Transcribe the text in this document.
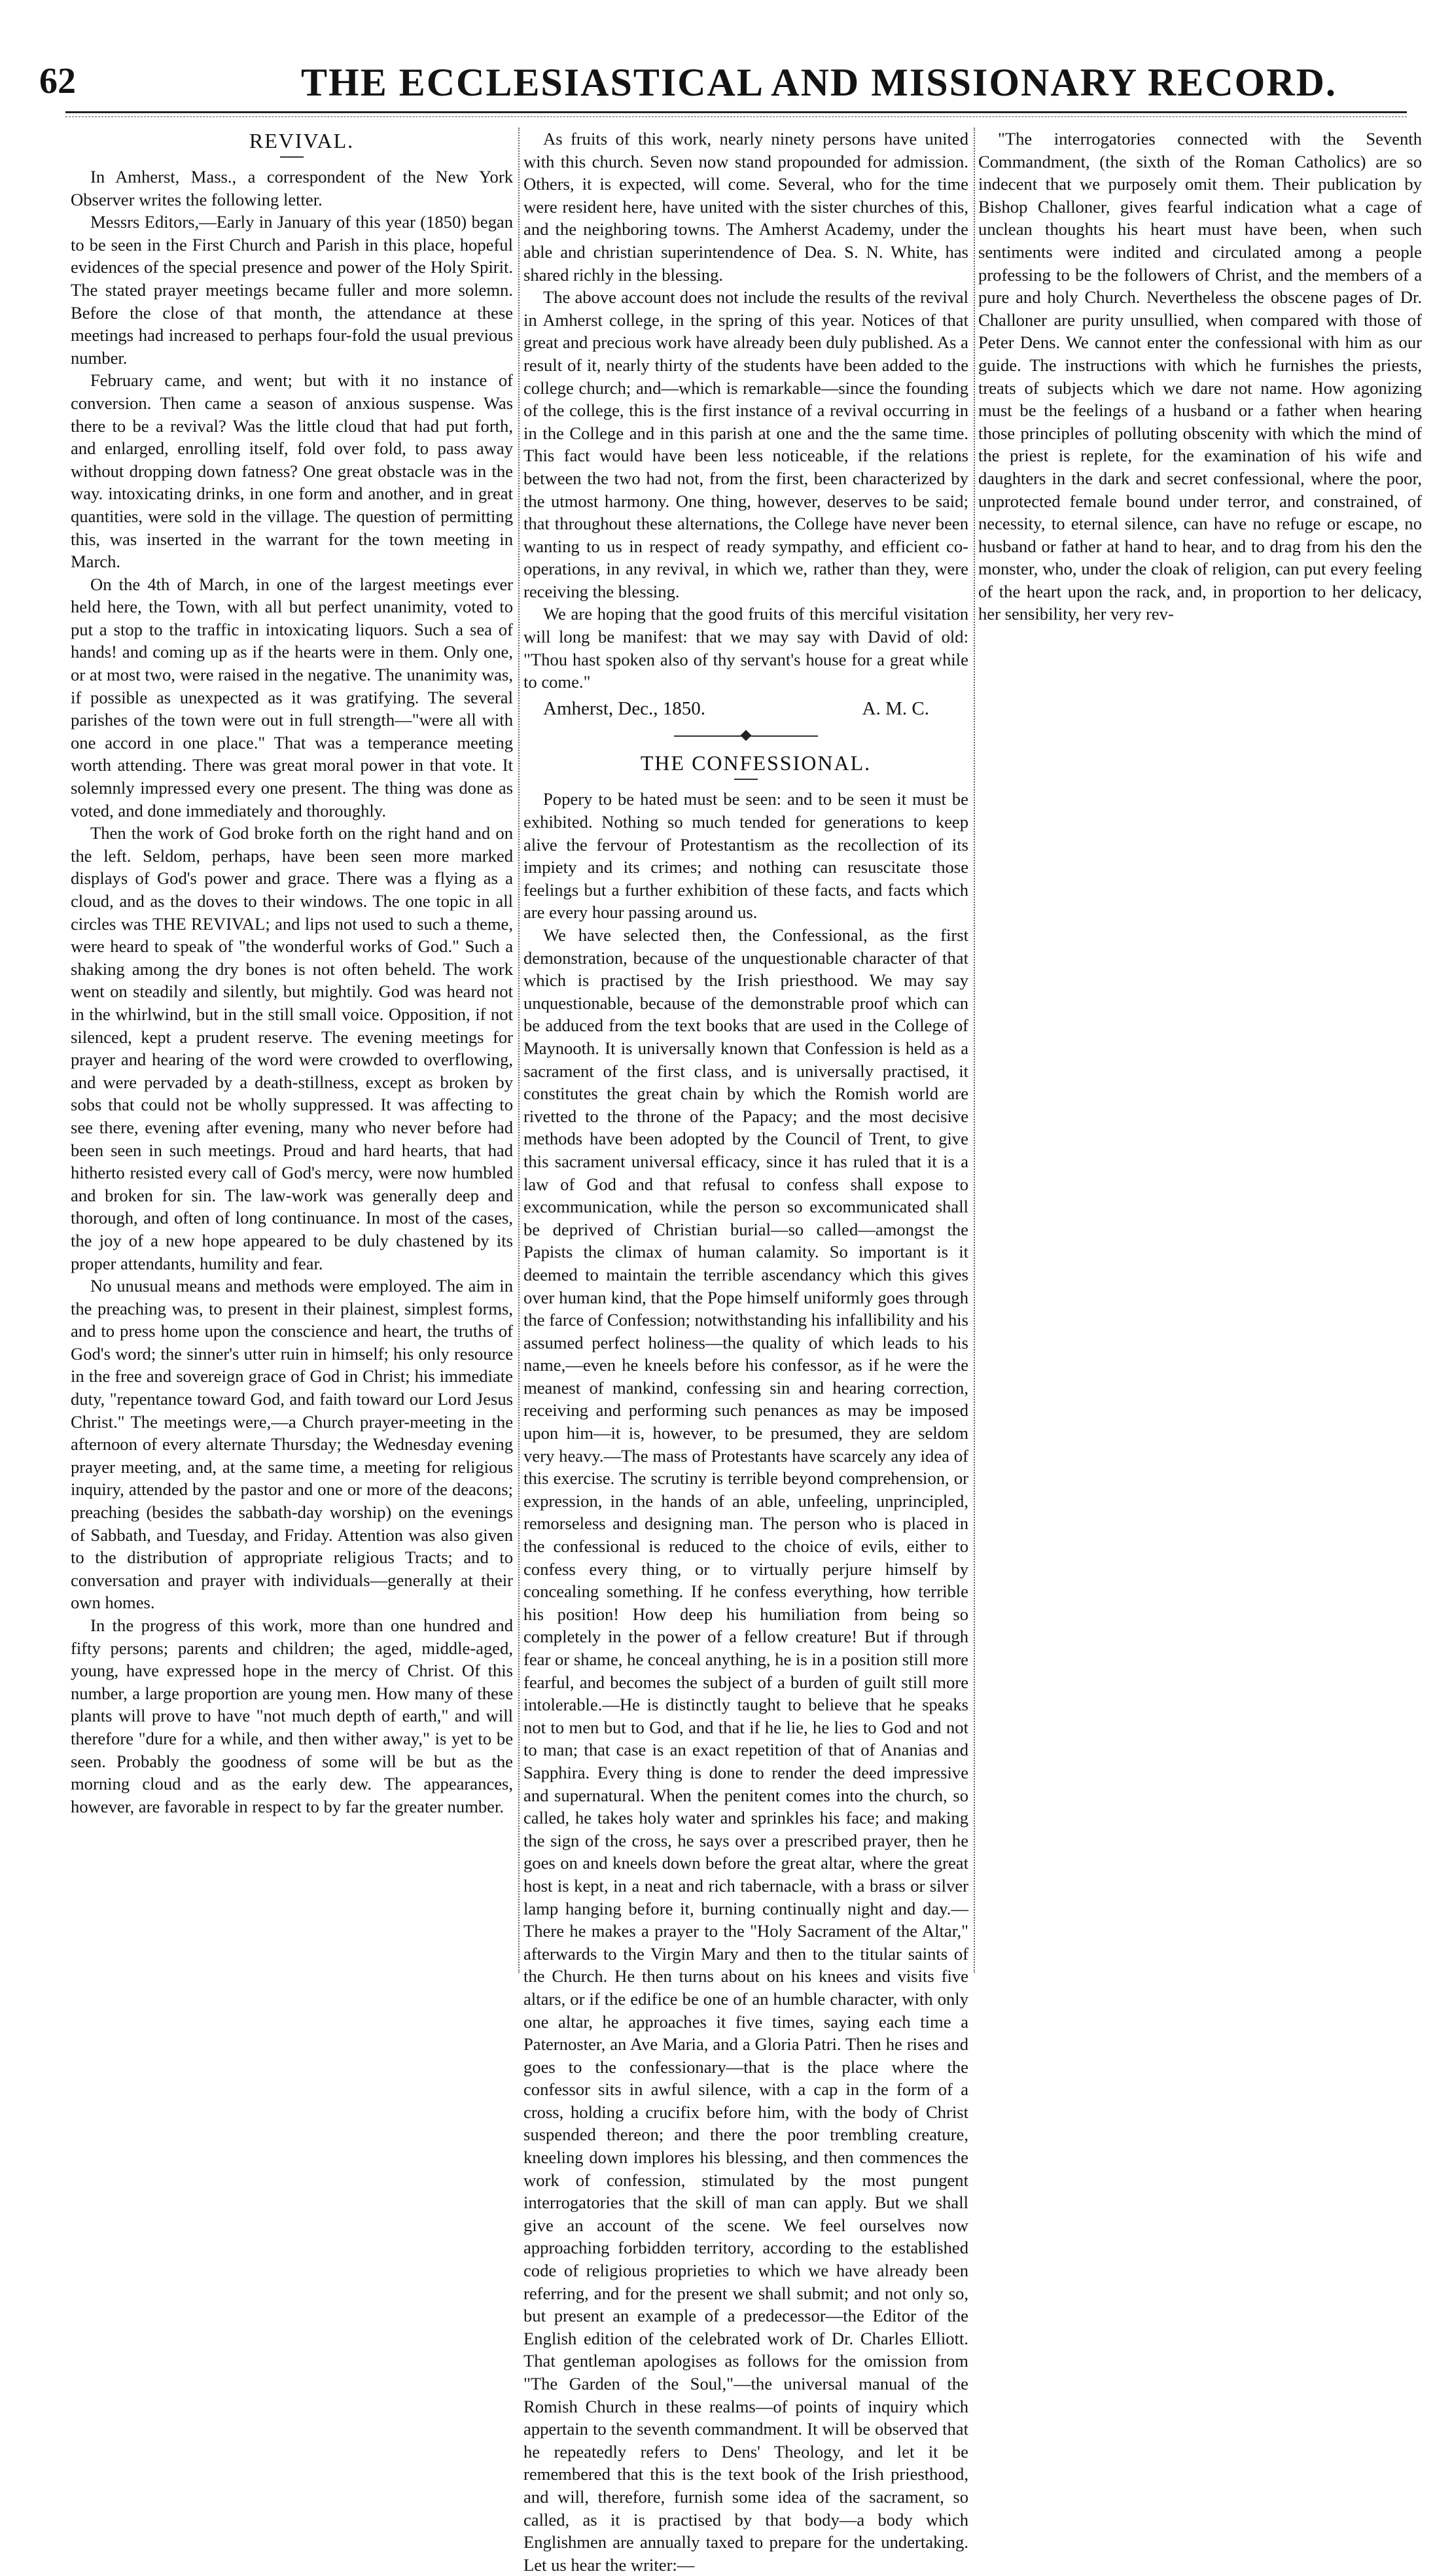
62	THE ECCLESIASTICAL AND MISSIONARY RECORD.

REVIVAL.

In Amherst, Mass., a correspondent of the New York Observer writes the following letter.

Messrs Editors,—Early in January of this year (1850) began to be seen in the First Church and Parish in this place, hopeful evidences of the special presence and power of the Holy Spirit. The stated prayer meetings became fuller and more solemn. Before the close of that month, the attendance at these meetings had increased to perhaps four-fold the usual previous number.

February came, and went; but with it no instance of conversion. Then came a season of anxious suspense. Was there to be a revival? Was the little cloud that had put forth, and enlarged, enrolling itself, fold over fold, to pass away without dropping down fatness? One great obstacle was in the way. intoxicating drinks, in one form and another, and in great quantities, were sold in the village. The question of permitting this, was inserted in the warrant for the town meeting in March.

On the 4th of March, in one of the largest meetings ever held here, the Town, with all but perfect unanimity, voted to put a stop to the traffic in intoxicating liquors. Such a sea of hands! and coming up as if the hearts were in them. Only one, or at most two, were raised in the negative. The unanimity was, if possible as unexpected as it was gratifying. The several parishes of the town were out in full strength—"were all with one accord in one place." That was a temperance meeting worth attending. There was great moral power in that vote. It solemnly impressed every one present. The thing was done as voted, and done immediately and thoroughly.

Then the work of God broke forth on the right hand and on the left. Seldom, perhaps, have been seen more marked displays of God's power and grace. There was a flying as a cloud, and as the doves to their windows. The one topic in all circles was THE REVIVAL; and lips not used to such a theme, were heard to speak of "the wonderful works of God." Such a shaking among the dry bones is not often beheld. The work went on steadily and silently, but mightily. God was heard not in the whirlwind, but in the still small voice. Opposition, if not silenced, kept a prudent reserve. The evening meetings for prayer and hearing of the word were crowded to overflowing, and were pervaded by a death-stillness, except as broken by sobs that could not be wholly suppressed. It was affecting to see there, evening after evening, many who never before had been seen in such meetings. Proud and hard hearts, that had hitherto resisted every call of God's mercy, were now humbled and broken for sin. The law-work was generally deep and thorough, and often of long continuance. In most of the cases, the joy of a new hope appeared to be duly chastened by its proper attendants, humility and fear.

No unusual means and methods were employed. The aim in the preaching was, to present in their plainest, simplest forms, and to press home upon the conscience and heart, the truths of God's word; the sinner's utter ruin in himself; his only resource in the free and sovereign grace of God in Christ; his immediate duty, "repentance toward God, and faith toward our Lord Jesus Christ." The meetings were,—a Church prayer-meeting in the afternoon of every alternate Thursday; the Wednesday evening prayer meeting, and, at the same time, a meeting for religious inquiry, attended by the pastor and one or more of the deacons; preaching (besides the sabbath-day worship) on the evenings of Sabbath, and Tuesday, and Friday. Attention was also given to the distribution of appropriate religious Tracts; and to conversation and prayer with individuals—generally at their own homes.

In the progress of this work, more than one hundred and fifty persons; parents and children; the aged, middle-aged, young, have expressed hope in the mercy of Christ. Of this number, a large proportion are young men. How many of these plants will prove to have "not much depth of earth," and will therefore "dure for a while, and then wither away," is yet to be seen. Probably the goodness of some will be but as the morning cloud and as the early dew. The appearances, however, are favorable in respect to by far the greater number.

As fruits of this work, nearly ninety persons have united with this church. Seven now stand propounded for admission. Others, it is expected, will come. Several, who for the time were resident here, have united with the sister churches of this, and the neighboring towns. The Amherst Academy, under the able and christian superintendence of Dea. S. N. White, has shared richly in the blessing.

The above account does not include the results of the revival in Amherst college, in the spring of this year. Notices of that great and precious work have already been duly published. As a result of it, nearly thirty of the students have been added to the college church; and—which is remarkable—since the founding of the college, this is the first instance of a revival occurring in in the College and in this parish at one and the the same time. This fact would have been less noticeable, if the relations between the two had not, from the first, been characterized by the utmost harmony. One thing, however, deserves to be said; that throughout these alternations, the College have never been wanting to us in respect of ready sympathy, and efficient co-operations, in any revival, in which we, rather than they, were receiving the blessing.

We are hoping that the good fruits of this merciful visitation will long be manifest: that we may say with David of old: "Thou hast spoken also of thy servant's house for a great while to come."

Amherst, Dec., 1850.	A. M. C.

THE CONFESSIONAL.

Popery to be hated must be seen: and to be seen it must be exhibited. Nothing so much tended for generations to keep alive the fervour of Protestantism as the recollection of its impiety and its crimes; and nothing can resuscitate those feelings but a further exhibition of these facts, and facts which are every hour passing around us.

We have selected then, the Confessional, as the first demonstration, because of the unquestionable character of that which is practised by the Irish priesthood. We may say unquestionable, because of the demonstrable proof which can be adduced from the text books that are used in the College of Maynooth. It is universally known that Confession is held as a sacrament of the first class, and is universally practised, it constitutes the great chain by which the Romish world are rivetted to the throne of the Papacy; and the most decisive methods have been adopted by the Council of Trent, to give this sacrament universal efficacy, since it has ruled that it is a law of God and that refusal to confess shall expose to excommunication, while the person so excommunicated shall be deprived of Christian burial—so called—amongst the Papists the climax of human calamity. So important is it deemed to maintain the terrible ascendancy which this gives over human kind, that the Pope himself uniformly goes through the farce of Confession; notwithstanding his infallibility and his assumed perfect holiness—the quality of which leads to his name,—even he kneels before his confessor, as if he were the meanest of mankind, confessing sin and hearing correction, receiving and performing such penances as may be imposed upon him—it is, however, to be presumed, they are seldom very heavy.—The mass of Protestants have scarcely any idea of this exercise. The scrutiny is terrible beyond comprehension, or expression, in the hands of an able, unfeeling, unprincipled, remorseless and designing man. The person who is placed in the confessional is reduced to the choice of evils, either to confess every thing, or to virtually perjure himself by concealing something. If he confess everything, how terrible his position! How deep his humiliation from being so completely in the power of a fellow creature! But if through fear or shame, he conceal anything, he is in a position still more fearful, and becomes the subject of a burden of guilt still more intolerable.—He is distinctly taught to believe that he speaks not to men but to God, and that if he lie, he lies to God and not to man; that case is an exact repetition of that of Ananias and Sapphira. Every thing is done to render the deed impressive and supernatural. When the penitent comes into the church, so called, he takes holy water and sprinkles his face; and making the sign of the cross, he says over a prescribed prayer, then he goes on and kneels down before the great altar, where the great host is kept, in a neat and rich tabernacle, with a brass or silver lamp hanging before it, burning continually night and day.—There he makes a prayer to the "Holy Sacrament of the Altar," afterwards to the Virgin Mary and then to the titular saints of the Church. He then turns about on his knees and visits five altars, or if the edifice be one of an humble character, with only one altar, he approaches it five times, saying each time a Paternoster, an Ave Maria, and a Gloria Patri. Then he rises and goes to the confessionary—that is the place where the confessor sits in awful silence, with a cap in the form of a cross, holding a crucifix before him, with the body of Christ suspended thereon; and there the poor trembling creature, kneeling down implores his blessing, and then commences the work of confession, stimulated by the most pungent interrogatories that the skill of man can apply. But we shall give an account of the scene. We feel ourselves now approaching forbidden territory, according to the established code of religious proprieties to which we have already been referring, and for the present we shall submit; and not only so, but present an example of a predecessor—the Editor of the English edition of the celebrated work of Dr. Charles Elliott. That gentleman apologises as follows for the omission from "The Garden of the Soul,"—the universal manual of the Romish Church in these realms—of points of inquiry which appertain to the seventh commandment. It will be observed that he repeatedly refers to Dens' Theology, and let it be remembered that this is the text book of the Irish priesthood, and will, therefore, furnish some idea of the sacrament, so called, as it is practised by that body—a body which Englishmen are annually taxed to prepare for the undertaking. Let us hear the writer:—

"The interrogatories connected with the Seventh Commandment, (the sixth of the Roman Catholics) are so indecent that we purposely omit them. Their publication by Bishop Challoner, gives fearful indication what a cage of unclean thoughts his heart must have been, when such sentiments were indited and circulated among a people professing to be the followers of Christ, and the members of a pure and holy Church. Nevertheless the obscene pages of Dr. Challoner are purity unsullied, when compared with those of Peter Dens. We cannot enter the confessional with him as our guide. The instructions with which he furnishes the priests, treats of subjects which we dare not name. How agonizing must be the feelings of a husband or a father when hearing those principles of polluting obscenity with which the mind of the priest is replete, for the examination of his wife and daughters in the dark and secret confessional, where the poor, unprotected female bound under terror, and constrained, of necessity, to eternal silence, can have no refuge or escape, no husband or father at hand to hear, and to drag from his den the monster, who, under the cloak of religion, can put every feeling of the heart upon the rack, and, in proportion to her delicacy, her sensibility, her very rev-
